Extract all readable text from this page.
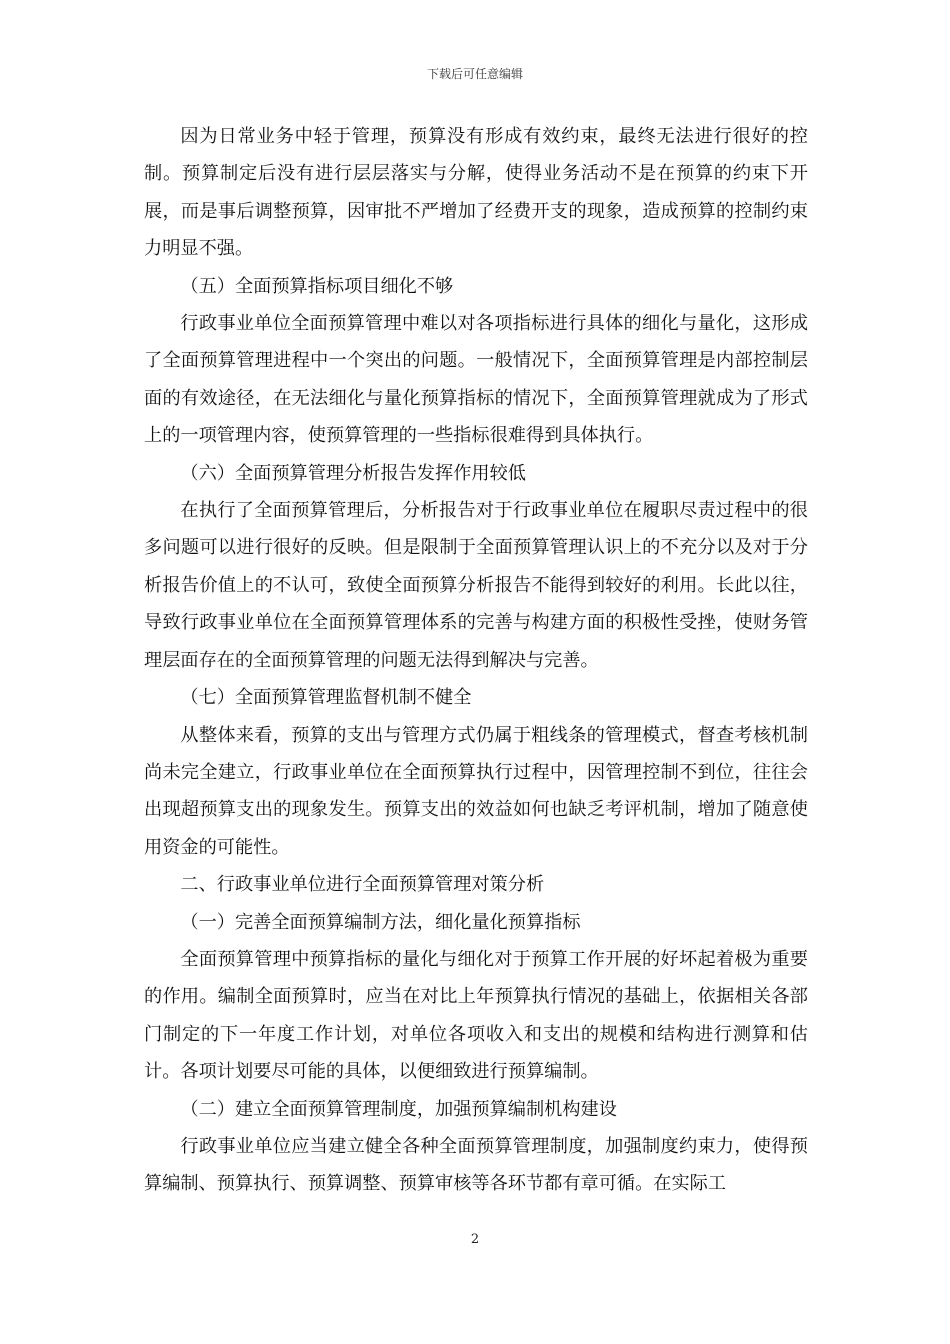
下载后可任意编辑

因为日常业务中轻于管理，预算没有形成有效约束，最终无法进行很好的控制。预算制定后没有进行层层落实与分解，使得业务活动不是在预算的约束下开展，而是事后调整预算，因审批不严增加了经费开支的现象，造成预算的控制约束力明显不强。

（五）全面预算指标项目细化不够

行政事业单位全面预算管理中难以对各项指标进行具体的细化与量化，这形成了全面预算管理进程中一个突出的问题。一般情况下，全面预算管理是内部控制层面的有效途径，在无法细化与量化预算指标的情况下，全面预算管理就成为了形式上的一项管理内容，使预算管理的一些指标很难得到具体执行。

（六）全面预算管理分析报告发挥作用较低

在执行了全面预算管理后，分析报告对于行政事业单位在履职尽责过程中的很多问题可以进行很好的反映。但是限制于全面预算管理认识上的不充分以及对于分析报告价值上的不认可，致使全面预算分析报告不能得到较好的利用。长此以往，导致行政事业单位在全面预算管理体系的完善与构建方面的积极性受挫，使财务管理层面存在的全面预算管理的问题无法得到解决与完善。

（七）全面预算管理监督机制不健全

从整体来看，预算的支出与管理方式仍属于粗线条的管理模式，督查考核机制尚未完全建立，行政事业单位在全面预算执行过程中，因管理控制不到位，往往会出现超预算支出的现象发生。预算支出的效益如何也缺乏考评机制，增加了随意使用资金的可能性。

二、行政事业单位进行全面预算管理对策分析

（一）完善全面预算编制方法，细化量化预算指标

全面预算管理中预算指标的量化与细化对于预算工作开展的好坏起着极为重要的作用。编制全面预算时，应当在对比上年预算执行情况的基础上，依据相关各部门制定的下一年度工作计划，对单位各项收入和支出的规模和结构进行测算和估计。各项计划要尽可能的具体，以便细致进行预算编制。

（二）建立全面预算管理制度，加强预算编制机构建设

行政事业单位应当建立健全各种全面预算管理制度，加强制度约束力，使得预算编制、预算执行、预算调整、预算审核等各环节都有章可循。在实际工

2
